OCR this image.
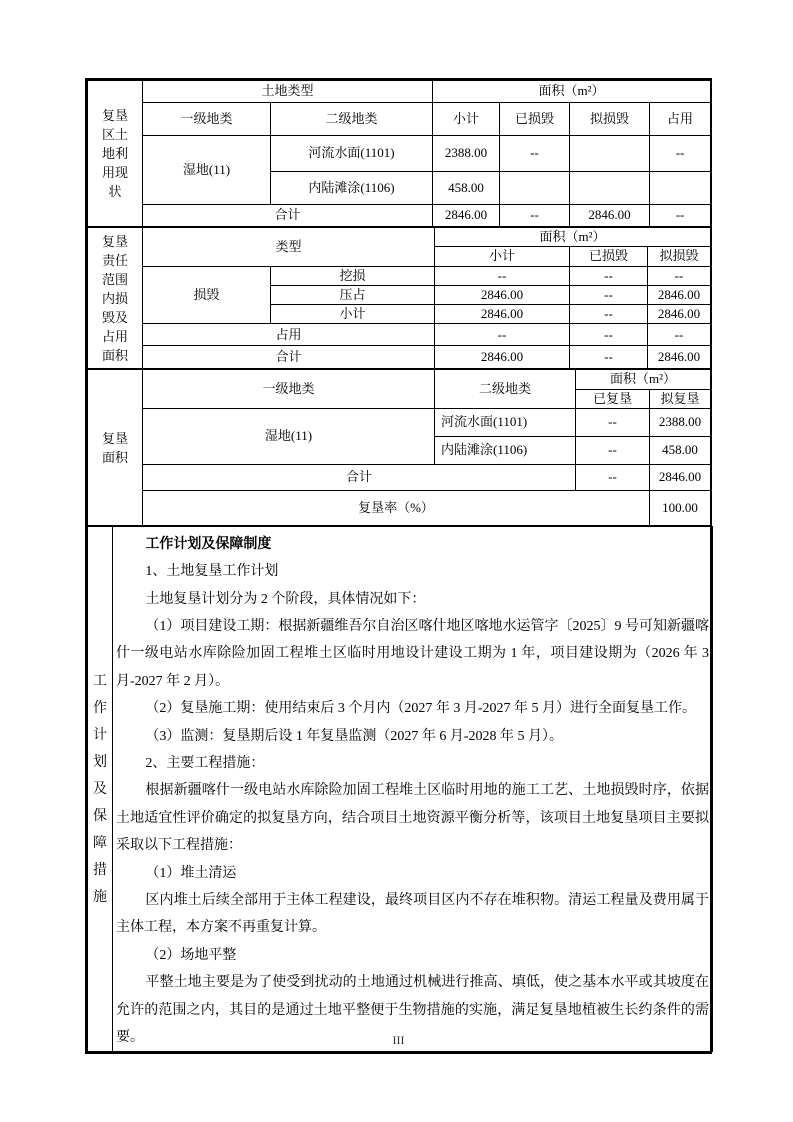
复垦区土地利用现状	土地类型		面积（m²）			
	一级地类	二级地类	小计	已损毁	拟损毁	占用
	湿地(11)	河流水面(1101)	2388.00	--		--
		内陆滩涂(1106)	458.00			
	合计		2846.00	--	2846.00	--
复垦责任范围内损毁及占用面积	类型		面积（m²）		
			小计	已损毁	拟损毁
	损毁	挖损	--	--	--
		压占	2846.00	--	2846.00
		小计	2846.00	--	2846.00
	占用		--	--	--
	合计		2846.00	--	2846.00
复垦面积	一级地类	二级地类	面积（m²）	
			已复垦	拟复垦
	湿地(11)	河流水面(1101)	--	2388.00
		内陆滩涂(1106)	--	458.00
	合计		--	2846.00
	复垦率（%）			100.00
工作计划及保障措施	

工作计划及保障制度

1、土地复垦工作计划

土地复垦计划分为 2 个阶段，具体情况如下：

（1）项目建设工期：根据新疆维吾尔自治区喀什地区喀地水运管字〔2025〕9 号可知新疆喀什一级电站水库除险加固工程堆土区临时用地设计建设工期为 1 年，项目建设期为（2026 年 3 月-2027 年 2 月）。

（2）复垦施工期：使用结束后 3 个月内（2027 年 3 月-2027 年 5 月）进行全面复垦工作。

（3）监测：复垦期后设 1 年复垦监测（2027 年 6 月-2028 年 5 月）。

2、主要工程措施：

根据新疆喀什一级电站水库除险加固工程堆土区临时用地的施工工艺、土地损毁时序，依据土地适宜性评价确定的拟复垦方向，结合项目土地资源平衡分析等，该项目土地复垦项目主要拟采取以下工程措施：

（1）堆土清运

区内堆土后续全部用于主体工程建设，最终项目区内不存在堆积物。清运工程量及费用属于主体工程，本方案不再重复计算。

（2）场地平整

平整土地主要是为了使受到扰动的土地通过机械进行推高、填低，使之基本水平或其坡度在允许的范围之内，其目的是通过土地平整便于生物措施的实施，满足复垦地植被生长约条件的需要。	III
